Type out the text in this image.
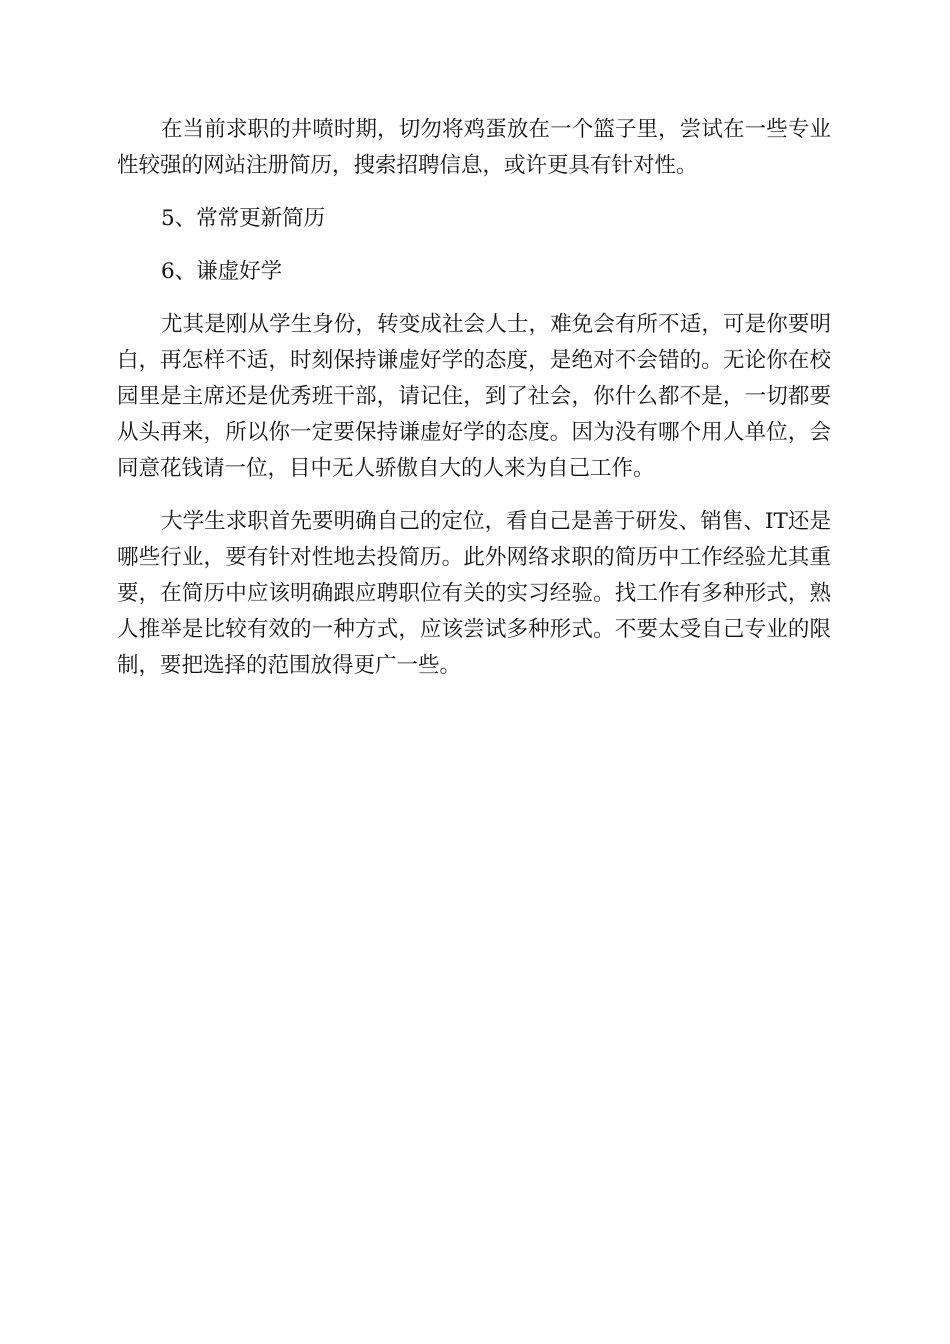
在当前求职的井喷时期，切勿将鸡蛋放在一个篮子里，尝试在一些专业性较强的网站注册简历，搜索招聘信息，或许更具有针对性。

5、常常更新简历

6、谦虚好学

尤其是刚从学生身份，转变成社会人士，难免会有所不适，可是你要明白，再怎样不适，时刻保持谦虚好学的态度，是绝对不会错的。无论你在校园里是主席还是优秀班干部，请记住，到了社会，你什么都不是，一切都要从头再来，所以你一定要保持谦虚好学的态度。因为没有哪个用人单位，会同意花钱请一位，目中无人骄傲自大的人来为自己工作。

大学生求职首先要明确自己的定位，看自己是善于研发、销售、IT还是哪些行业，要有针对性地去投简历。此外网络求职的简历中工作经验尤其重要，在简历中应该明确跟应聘职位有关的实习经验。找工作有多种形式，熟人推举是比较有效的一种方式，应该尝试多种形式。不要太受自己专业的限制，要把选择的范围放得更广一些。
